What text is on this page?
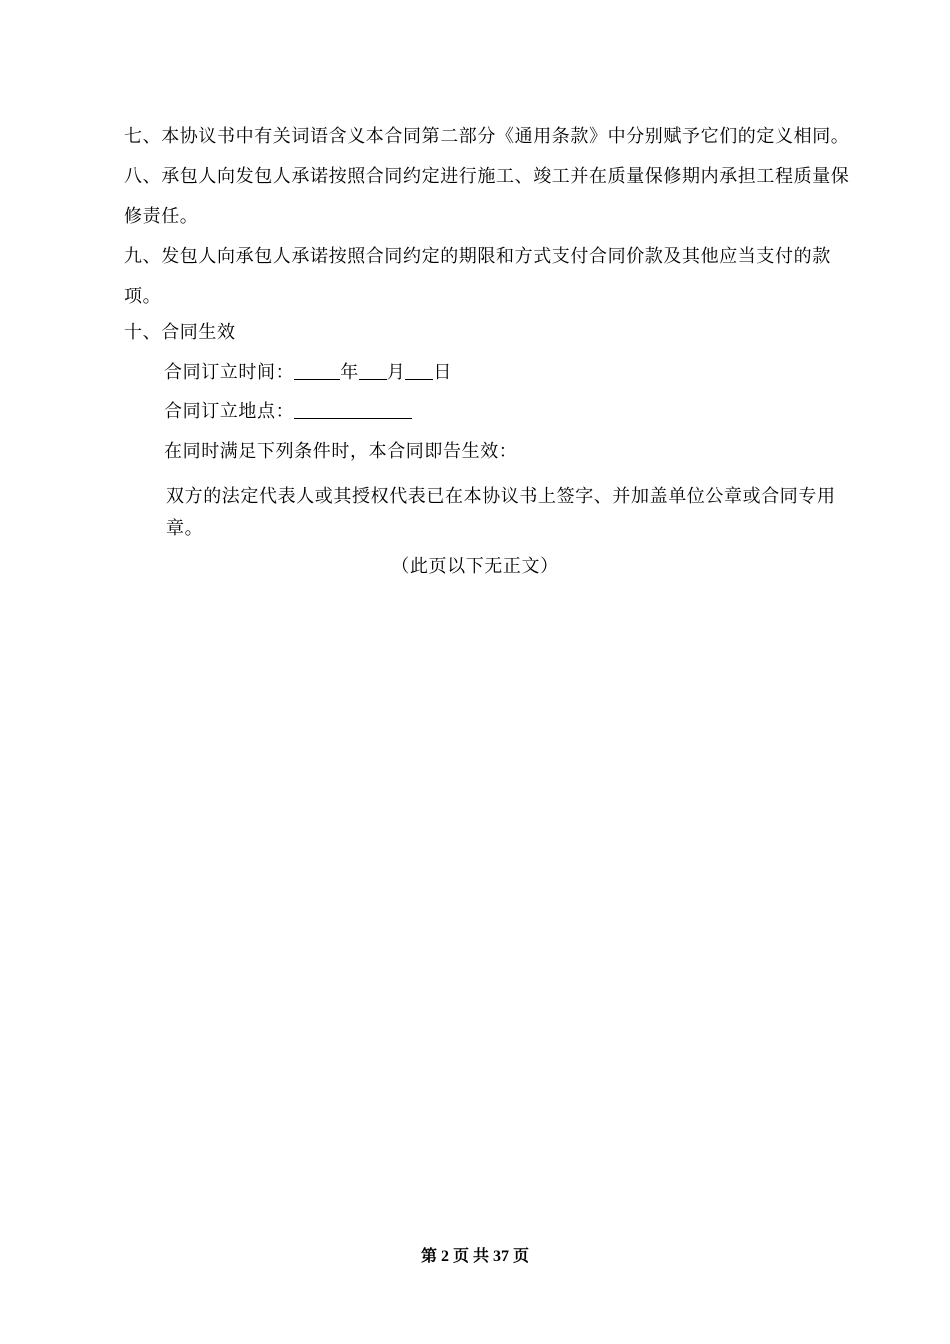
七、本协议书中有关词语含义本合同第二部分《通用条款》中分别赋予它们的定义相同。
八、承包人向发包人承诺按照合同约定进行施工、竣工并在质量保修期内承担工程质量保修责任。
九、发包人向承包人承诺按照合同约定的期限和方式支付合同价款及其他应当支付的款项。
十、合同生效
合同订立时间：	年 月 日
合同订立地点：
在同时满足下列条件时，本合同即告生效：
双方的法定代表人或其授权代表已在本协议书上签字、并加盖单位公章或合同专用章。
（此页以下无正文）
第 2 页 共 37 页
